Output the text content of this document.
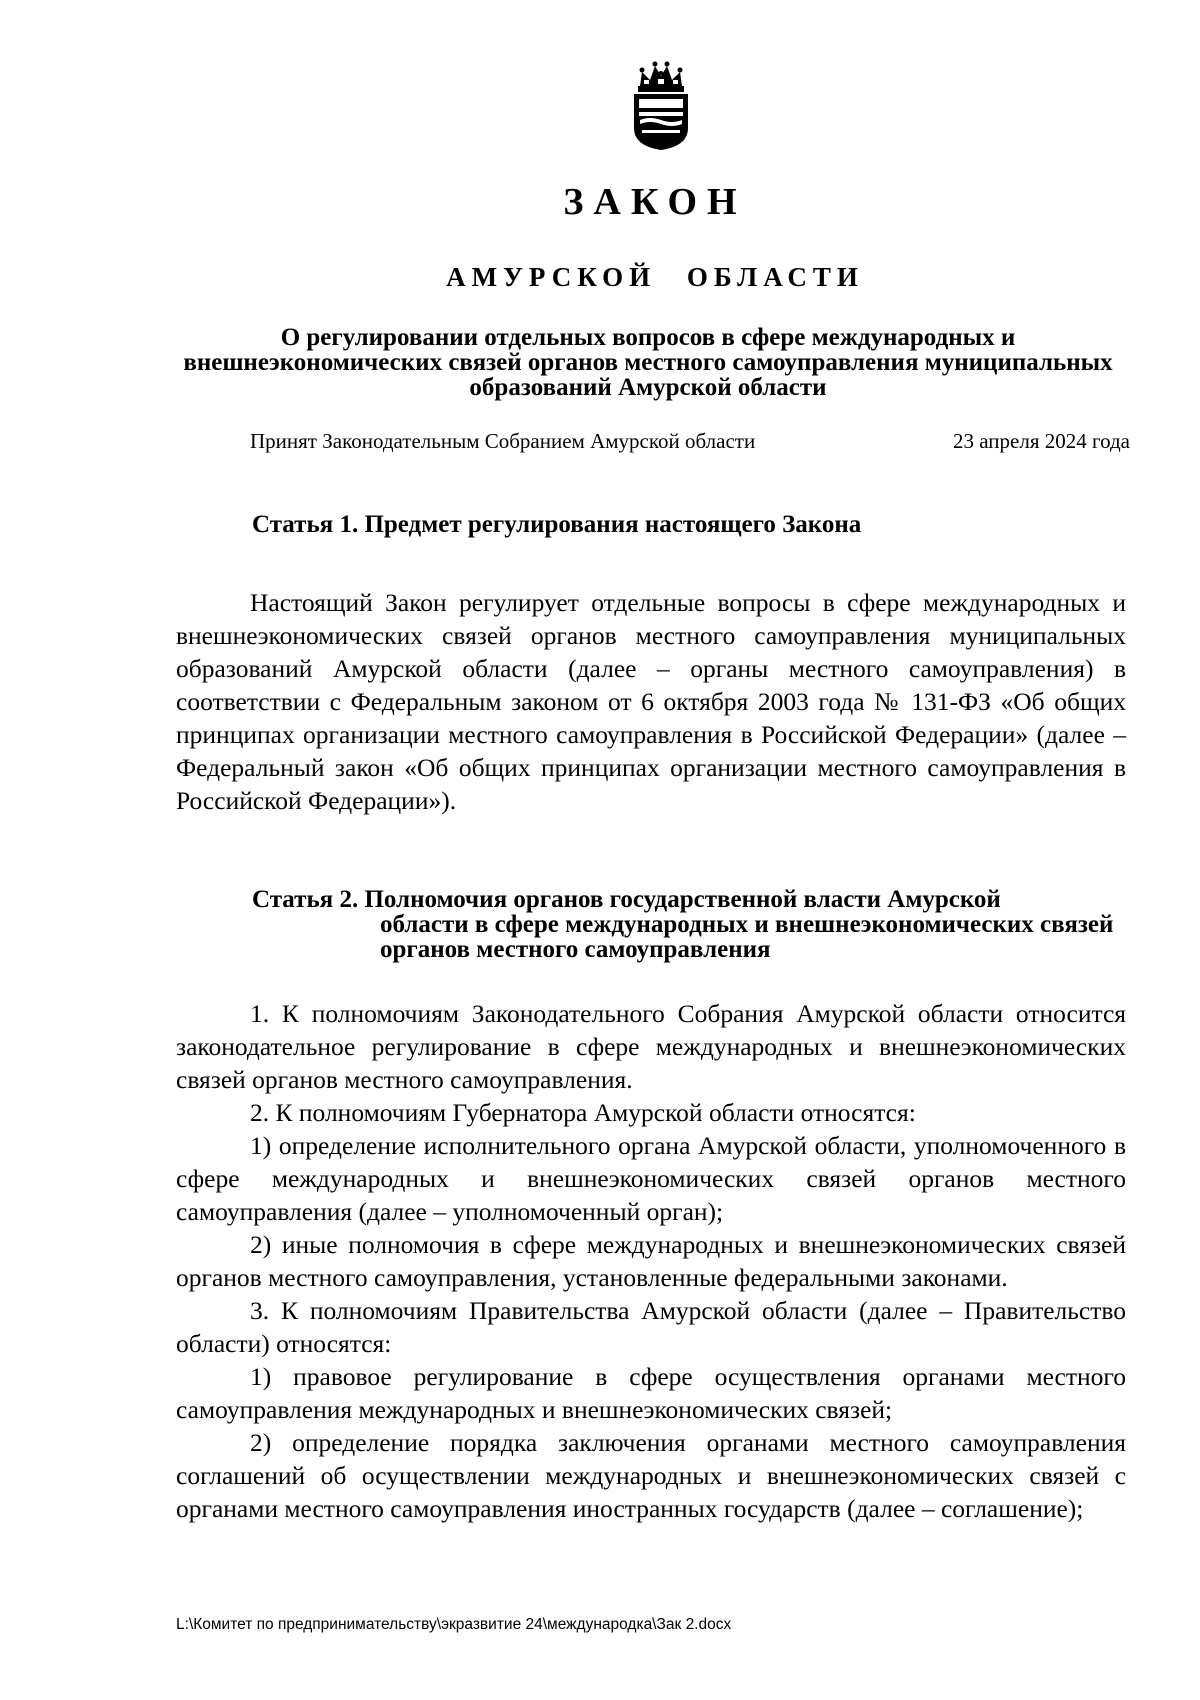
ЗАКОН
АМУРСКОЙ ОБЛАСТИ
О регулировании отдельных вопросов в сфере международных и внешнеэкономических связей органов местного самоуправления муниципальных образований Амурской области
Принят Законодательным Собранием Амурской области	23 апреля 2024 года
Статья 1. Предмет регулирования настоящего Закона

Настоящий Закон регулирует отдельные вопросы в сфере международных и внешнеэкономических связей органов местного самоуправления муниципальных образований Амурской области (далее – органы местного самоуправления) в соответствии с Федеральным законом от 6 октября 2003 года № 131-ФЗ «Об общих принципах организации местного самоуправления в Российской Федерации» (далее – Федеральный закон «Об общих принципах организации местного самоуправления в Российской Федерации»).

Статья 2. Полномочия органов государственной власти Амурской
области в сфере международных и внешнеэкономических связей органов местного самоуправления

1. К полномочиям Законодательного Собрания Амурской области относится законодательное регулирование в сфере международных и внешнеэкономических связей органов местного самоуправления.

2. К полномочиям Губернатора Амурской области относятся:

1) определение исполнительного органа Амурской области, уполномоченного в сфере международных и внешнеэкономических связей органов местного самоуправления (далее – уполномоченный орган);

2) иные полномочия в сфере международных и внешнеэкономических связей органов местного самоуправления, установленные федеральными законами.

3. К полномочиям Правительства Амурской области (далее – Правительство области) относятся:

1) правовое регулирование в сфере осуществления органами местного самоуправления международных и внешнеэкономических связей;

2) определение порядка заключения органами местного самоуправления соглашений об осуществлении международных и внешнеэкономических связей с органами местного самоуправления иностранных государств (далее – соглашение);

L:\Комитет по предпринимательству\экразвитие 24\международка\Зак 2.docx
